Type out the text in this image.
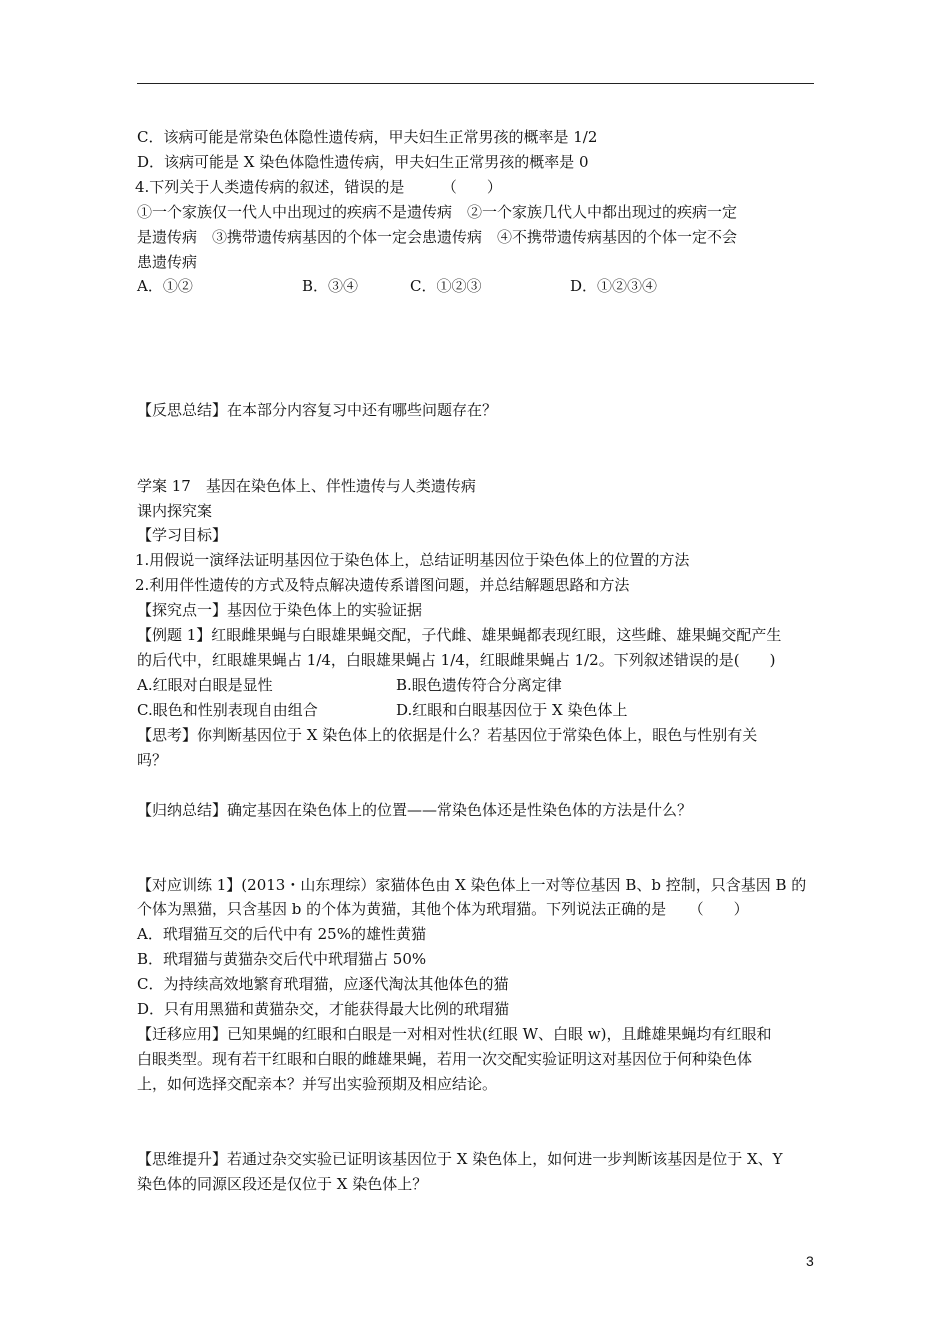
C．该病可能是常染色体隐性遗传病，甲夫妇生正常男孩的概率是 1/2
D．该病可能是 X 染色体隐性遗传病，甲夫妇生正常男孩的概率是 0
4.下列关于人类遗传病的叙述，错误的是　　　（　　）
①一个家族仅一代人中出现过的疾病不是遗传病　②一个家族几代人中都出现过的疾病一定
是遗传病　③携带遗传病基因的个体一定会患遗传病　④不携带遗传病基因的个体一定不会
患遗传病
A．①②	B．③④	C．①②③	D．①②③④
【反思总结】在本部分内容复习中还有哪些问题存在？
学案 17　基因在染色体上、伴性遗传与人类遗传病
课内探究案
【学习目标】
1.用假说一演绎法证明基因位于染色体上，总结证明基因位于染色体上的位置的方法
2.利用伴性遗传的方式及特点解决遗传系谱图问题，并总结解题思路和方法
【探究点一】基因位于染色体上的实验证据
【例题 1】红眼雌果蝇与白眼雄果蝇交配，子代雌、雄果蝇都表现红眼，这些雌、雄果蝇交配产生
的后代中，红眼雄果蝇占 1/4，白眼雄果蝇占 1/4，红眼雌果蝇占 1/2。下列叙述错误的是(　　)
A.红眼对白眼是显性	B.眼色遗传符合分离定律
C.眼色和性别表现自由组合	D.红眼和白眼基因位于 X 染色体上
【思考】你判断基因位于 X 染色体上的依据是什么？若基因位于常染色体上，眼色与性别有关
吗？
【归纳总结】确定基因在染色体上的位置——常染色体还是性染色体的方法是什么？
【对应训练 1】(2013・山东理综）家猫体色由 X 染色体上一对等位基因 B、b 控制，只含基因 B 的
个体为黑猫，只含基因 b 的个体为黄猫，其他个体为玳瑁猫。下列说法正确的是　　（　　）
A．玳瑁猫互交的后代中有 25%的雄性黄猫
B．玳瑁猫与黄猫杂交后代中玳瑁猫占 50%
C．为持续高效地繁育玳瑁猫，应逐代淘汰其他体色的猫
D．只有用黑猫和黄猫杂交，才能获得最大比例的玳瑁猫
【迁移应用】已知果蝇的红眼和白眼是一对相对性状(红眼 W、白眼 w)，且雌雄果蝇均有红眼和
白眼类型。现有若干红眼和白眼的雌雄果蝇，若用一次交配实验证明这对基因位于何种染色体
上，如何选择交配亲本？并写出实验预期及相应结论。
【思维提升】若通过杂交实验已证明该基因位于 X 染色体上，如何进一步判断该基因是位于 X、Y
染色体的同源区段还是仅位于 X 染色体上？
3
